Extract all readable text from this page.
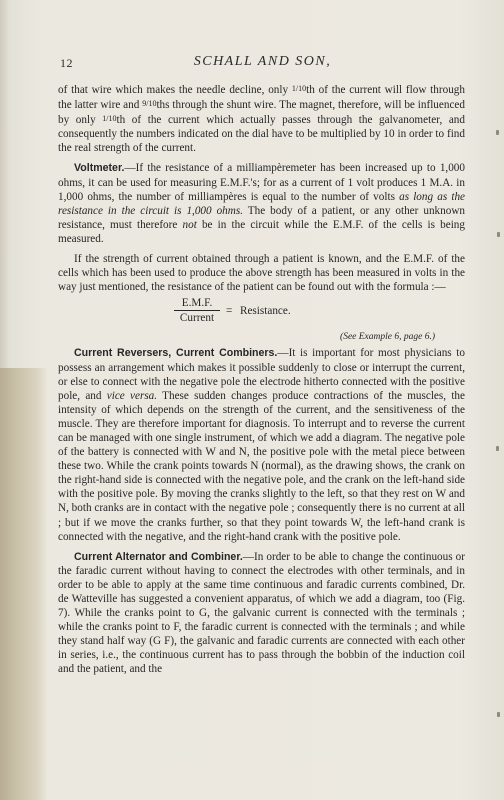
12	SCHALL AND SON,

of that wire which makes the needle decline, only 1/10th of the current will flow through the latter wire and 9/10ths through the shunt wire. The magnet, therefore, will be influenced by only 1/10th of the current which actually passes through the galvanometer, and consequently the numbers indicated on the dial have to be multiplied by 10 in order to find the real strength of the current.

Voltmeter.—If the resistance of a milliampèremeter has been increased up to 1,000 ohms, it can be used for measuring E.M.F.'s; for as a current of 1 volt produces 1 M.A. in 1,000 ohms, the number of milliampères is equal to the number of volts as long as the resistance in the circuit is 1,000 ohms. The body of a patient, or any other unknown resistance, must therefore not be in the circuit while the E.M.F. of the cells is being measured.

If the strength of current obtained through a patient is known, and the E.M.F. of the cells which has been used to produce the above strength has been measured in volts in the way just mentioned, the resistance of the patient can be found out with the formula :—

E.M.F.
Current
= Resistance.
(See Example 6, page 6.)

Current Reversers, Current Combiners.—It is important for most physicians to possess an arrangement which makes it possible suddenly to close or interrupt the current, or else to connect with the negative pole the electrode hitherto connected with the positive pole, and vice versa. These sudden changes produce contractions of the muscles, the intensity of which depends on the strength of the current, and the sensitiveness of the muscle. They are therefore important for diagnosis. To interrupt and to reverse the current can be managed with one single instrument, of which we add a diagram. The negative pole of the battery is connected with W and N, the positive pole with the metal piece between these two. While the crank points towards N (normal), as the drawing shows, the crank on the right-hand side is connected with the negative pole, and the crank on the left-hand side with the positive pole. By moving the cranks slightly to the left, so that they rest on W and N, both cranks are in contact with the negative pole ; consequently there is no current at all ; but if we move the cranks further, so that they point towards W, the left-hand crank is connected with the negative, and the right-hand crank with the positive pole.

Current Alternator and Combiner.—In order to be able to change the continuous or the faradic current without having to connect the electrodes with other terminals, and in order to be able to apply at the same time continuous and faradic currents combined, Dr. de Watteville has suggested a convenient apparatus, of which we add a diagram, too (Fig. 7). While the cranks point to G, the galvanic current is connected with the terminals ; while the cranks point to F, the faradic current is connected with the terminals ; and while they stand half way (G F), the galvanic and faradic currents are connected with each other in series, i.e., the continuous current has to pass through the bobbin of the induction coil and the patient, and the
